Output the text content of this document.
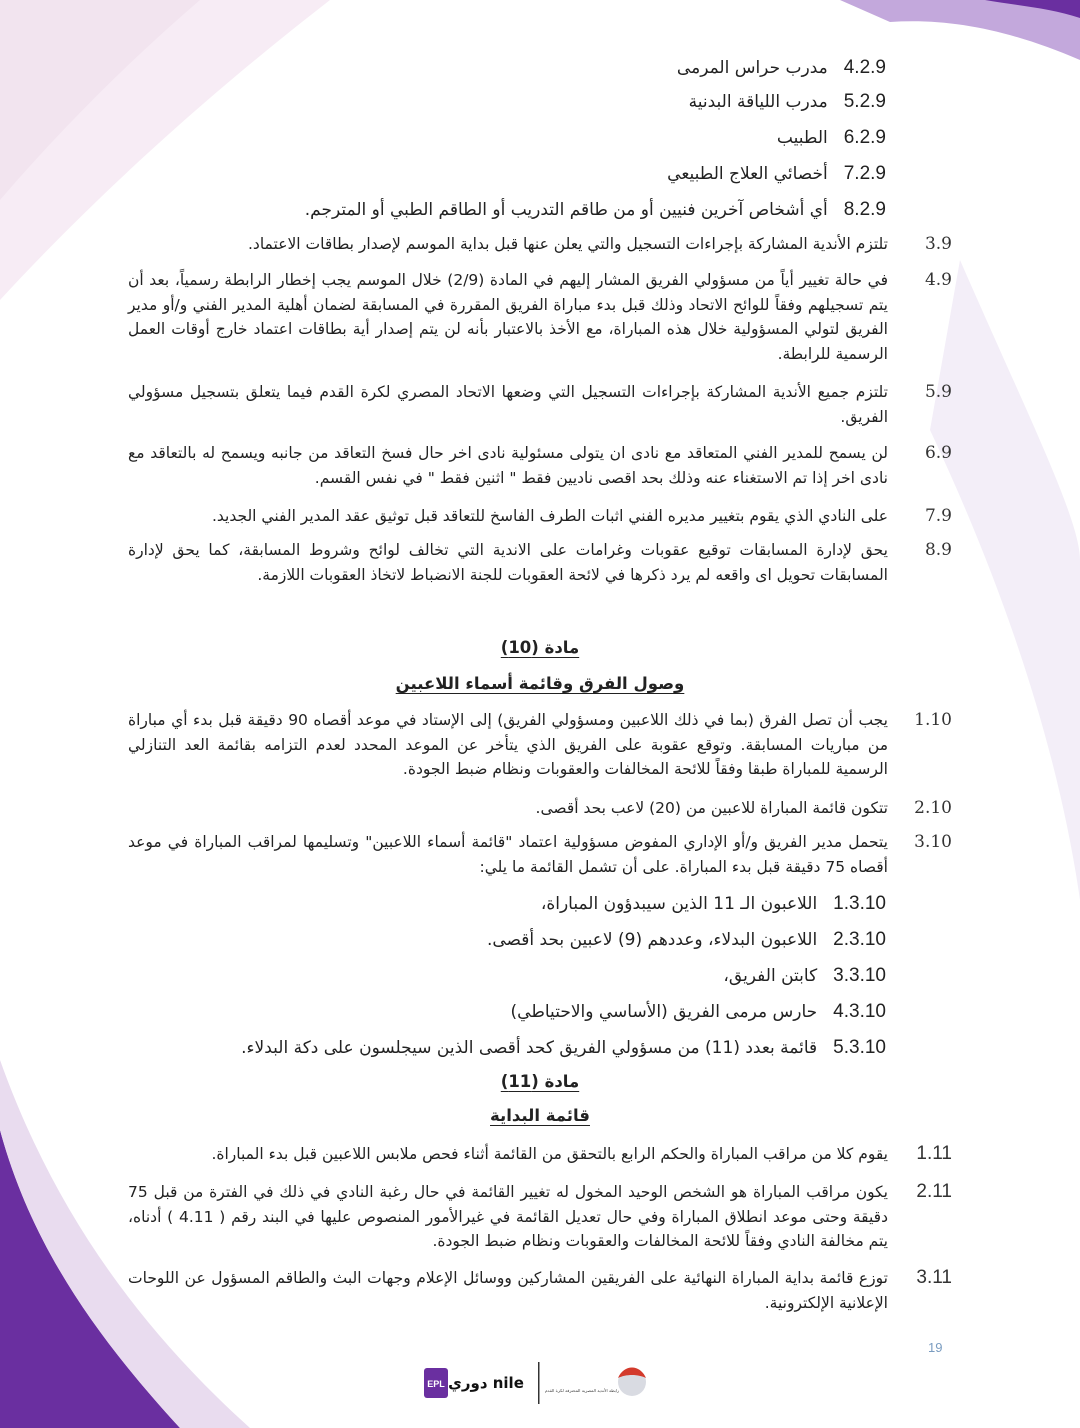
4.2.9
مدرب حراس المرمى
5.2.9
مدرب اللياقة البدنية
6.2.9
الطبيب
7.2.9
أخصائي العلاج الطبيعي
8.2.9
أي أشخاص آخرين فنيين أو من طاقم التدريب أو الطاقم الطبي أو المترجم.
3.9
تلتزم الأندية المشاركة بإجراءات التسجيل والتي يعلن عنها قبل بداية الموسم لإصدار بطاقات الاعتماد.
4.9
في حالة تغيير أياً من مسؤولي الفريق المشار إليهم في المادة (2/9) خلال الموسم يجب إخطار الرابطة رسمياً، بعد أن يتم تسجيلهم وفقاً للوائح الاتحاد وذلك قبل بدء مباراة الفريق المقررة في المسابقة لضمان أهلية المدير الفني و/أو مدير الفريق لتولي المسؤولية خلال هذه المباراة، مع الأخذ بالاعتبار بأنه لن يتم إصدار أية بطاقات اعتماد خارج أوقات العمل الرسمية للرابطة.
5.9
تلتزم جميع الأندية المشاركة بإجراءات التسجيل التي وضعها الاتحاد المصري لكرة القدم فيما يتعلق بتسجيل مسؤولي الفريق.
6.9
لن يسمح للمدير الفني المتعاقد مع نادى ان يتولى مسئولية نادى اخر حال فسخ التعاقد من جانبه ويسمح له بالتعاقد مع نادى اخر إذا تم الاستغناء عنه وذلك بحد اقصى ناديين فقط " اثنين فقط " في نفس القسم.
7.9
على النادي الذي يقوم بتغيير مديره الفني اثبات الطرف الفاسخ للتعاقد قبل توثيق عقد المدير الفني الجديد.
8.9
يحق لإدارة المسابقات توقيع عقوبات وغرامات على الاندية التي تخالف لوائح وشروط المسابقة، كما يحق لإدارة المسابقات تحويل اى واقعه لم يرد ذكرها في لائحة العقوبات للجنة الانضباط لاتخاذ العقوبات اللازمة.
مادة (10)
وصول الفرق وقائمة أسماء اللاعبين
1.10
يجب أن تصل الفرق (بما في ذلك اللاعبين ومسؤولي الفريق) إلى الإستاد في موعد أقصاه 90 دقيقة قبل بدء أي مباراة من مباريات المسابقة. وتوقع عقوبة على الفريق الذي يتأخر عن الموعد المحدد لعدم التزامه بقائمة العد التنازلي الرسمية للمباراة طبقا وفقاً للائحة المخالفات والعقوبات ونظام ضبط الجودة.
2.10
تتكون قائمة المباراة للاعبين من (20) لاعب بحد أقصى.
3.10
يتحمل مدير الفريق و/أو الإداري المفوض مسؤولية اعتماد "قائمة أسماء اللاعبين" وتسليمها لمراقب المباراة في موعد أقصاه 75 دقيقة قبل بدء المباراة. على أن تشمل القائمة ما يلي:
1.3.10
اللاعبون الـ 11 الذين سيبدؤون المباراة،
2.3.10
اللاعبون البدلاء، وعددهم (9) لاعبين بحد أقصى.
3.3.10
كابتن الفريق،
4.3.10
حارس مرمى الفريق (الأساسي والاحتياطي)
5.3.10
قائمة بعدد (11) من مسؤولي الفريق كحد أقصى الذين سيجلسون على دكة البدلاء.
مادة (11)
قائمة البداية
1.11
يقوم كلا من مراقب المباراة والحكم الرابع بالتحقق من القائمة أثناء فحص ملابس اللاعبين قبل بدء المباراة.
2.11
يكون مراقب المباراة هو الشخص الوحيد المخول له تغيير القائمة في حال رغبة النادي في ذلك في الفترة من قبل 75 دقيقة وحتى موعد انطلاق المباراة وفي حال تعديل القائمة في غيرالأمور المنصوص عليها في البند رقم ( 4.11 ) أدناه، يتم مخالفة النادي وفقاً للائحة المخالفات والعقوبات ونظام ضبط الجودة.
3.11
توزع قائمة بداية المباراة النهائية على الفريقين المشاركين ووسائل الإعلام وجهات البث والطاقم المسؤول عن اللوحات الإعلانية الإلكترونية.
19
EPL دوري nile	رابطة الأندية المصرية المحترفة لكرة القدم
